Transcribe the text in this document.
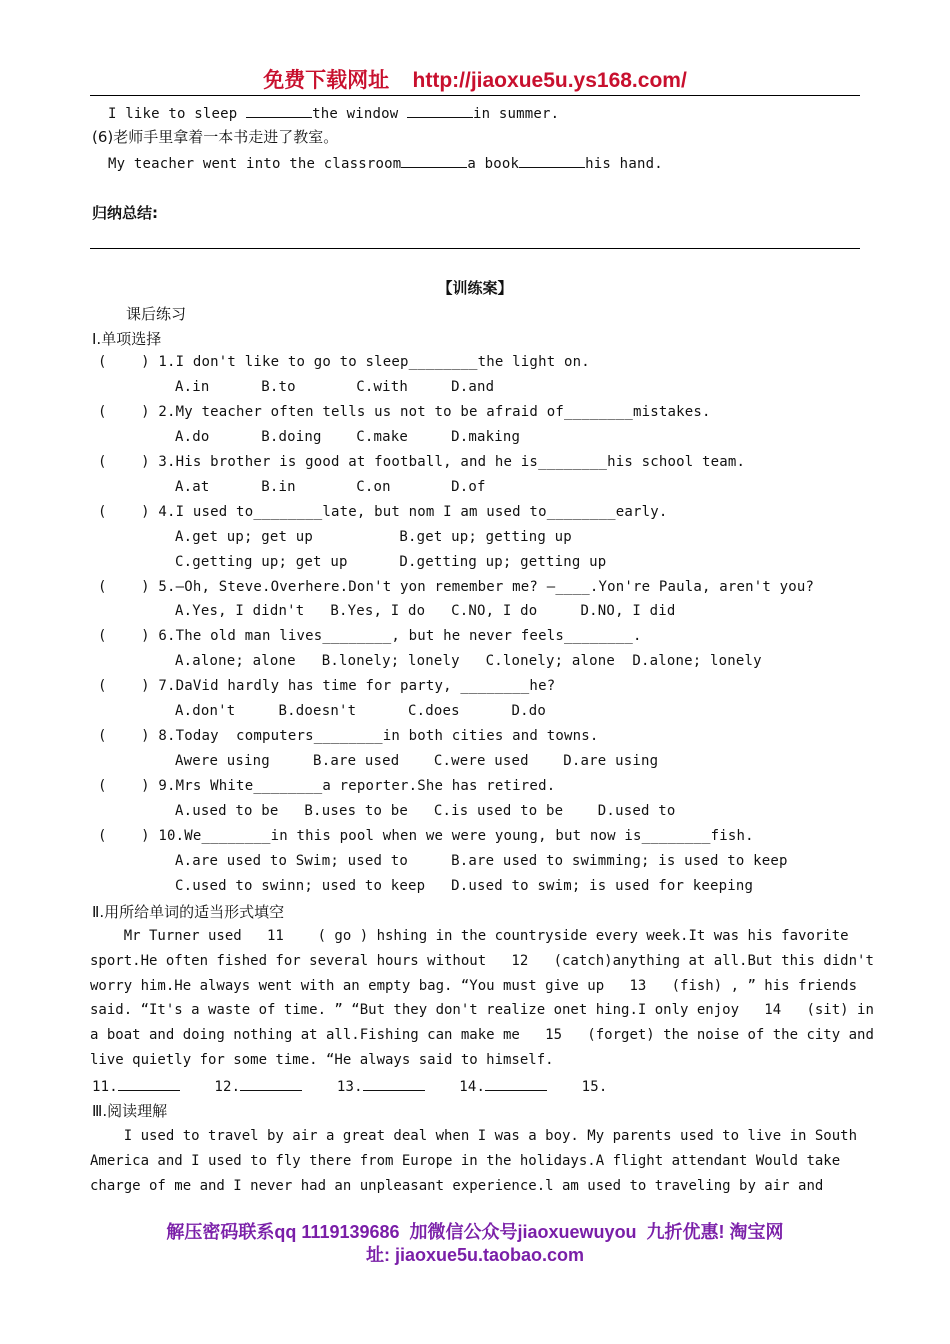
免费下载网址 http://jiaoxue5u.ys168.com/
I like to sleep	the window	in summer.
(6)老师手里拿着一本书走进了教室。
My teacher went into the classroom	a book	his hand.
归纳总结:
【训练案】
课后练习
Ⅰ.单项选择
(    ) 1.I don't like to go to sleep________the light on.
A.in      B.to       C.with     D.and
(    ) 2.My teacher often tells us not to be afraid of________mistakes.
A.do      B.doing    C.make     D.making
(    ) 3.His brother is good at football, and he is________his school team.
A.at      B.in       C.on       D.of
(    ) 4.I used to________late, but nom I am used to________early.
A.get up; get up          B.get up; getting up
C.getting up; get up      D.getting up; getting up
(    ) 5.—Oh, Steve.Overhere.Don't yon remember me? —____.Yon're Paula, aren't you?
A.Yes, I didn't   B.Yes, I do   C.NO, I do     D.NO, I did
(    ) 6.The old man lives________, but he never feels________.
A.alone; alone   B.lonely; lonely   C.lonely; alone  D.alone; lonely
(    ) 7.DaVid hardly has time for party, ________he?
A.don't     B.doesn't      C.does      D.do
(    ) 8.Today  computers________in both cities and towns.
Awere using     B.are used    C.were used    D.are using
(    ) 9.Mrs White________a reporter.She has retired.
A.used to be   B.uses to be   C.is used to be    D.used to
(    ) 10.We________in this pool when we were young, but now is________fish.
A.are used to Swim; used to     B.are used to swimming; is used to keep
C.used to swinn; used to keep   D.used to swim; is used for keeping
Ⅱ.用所给单词的适当形式填空
Mr Turner used   11    ( go ) hshing in the countryside every week.It was his favorite
sport.He often fished for several hours without   12   (catch)anything at all.But this didn't
worry him.He always went with an empty bag. “You must give up   13   (fish) , ” his friends
said. “It's a waste of time. ” “But they don't realize onet hing.I only enjoy   14   (sit) in
a boat and doing nothing at all.Fishing can make me   15   (forget) the noise of the city and
live quietly for some time. “He always said to himself.
11.	12.	13.	14.	15.
Ⅲ.阅读理解
I used to travel by air a great deal when I was a boy. My parents used to live in South
America and I used to fly there from Europe in the holidays.A flight attendant Would take
charge of me and I never had an unpleasant experience.l am used to traveling by air and
解压密码联系qq 1119139686  加微信公众号jiaoxuewuyou  九折优惠! 淘宝网
址: jiaoxue5u.taobao.com
